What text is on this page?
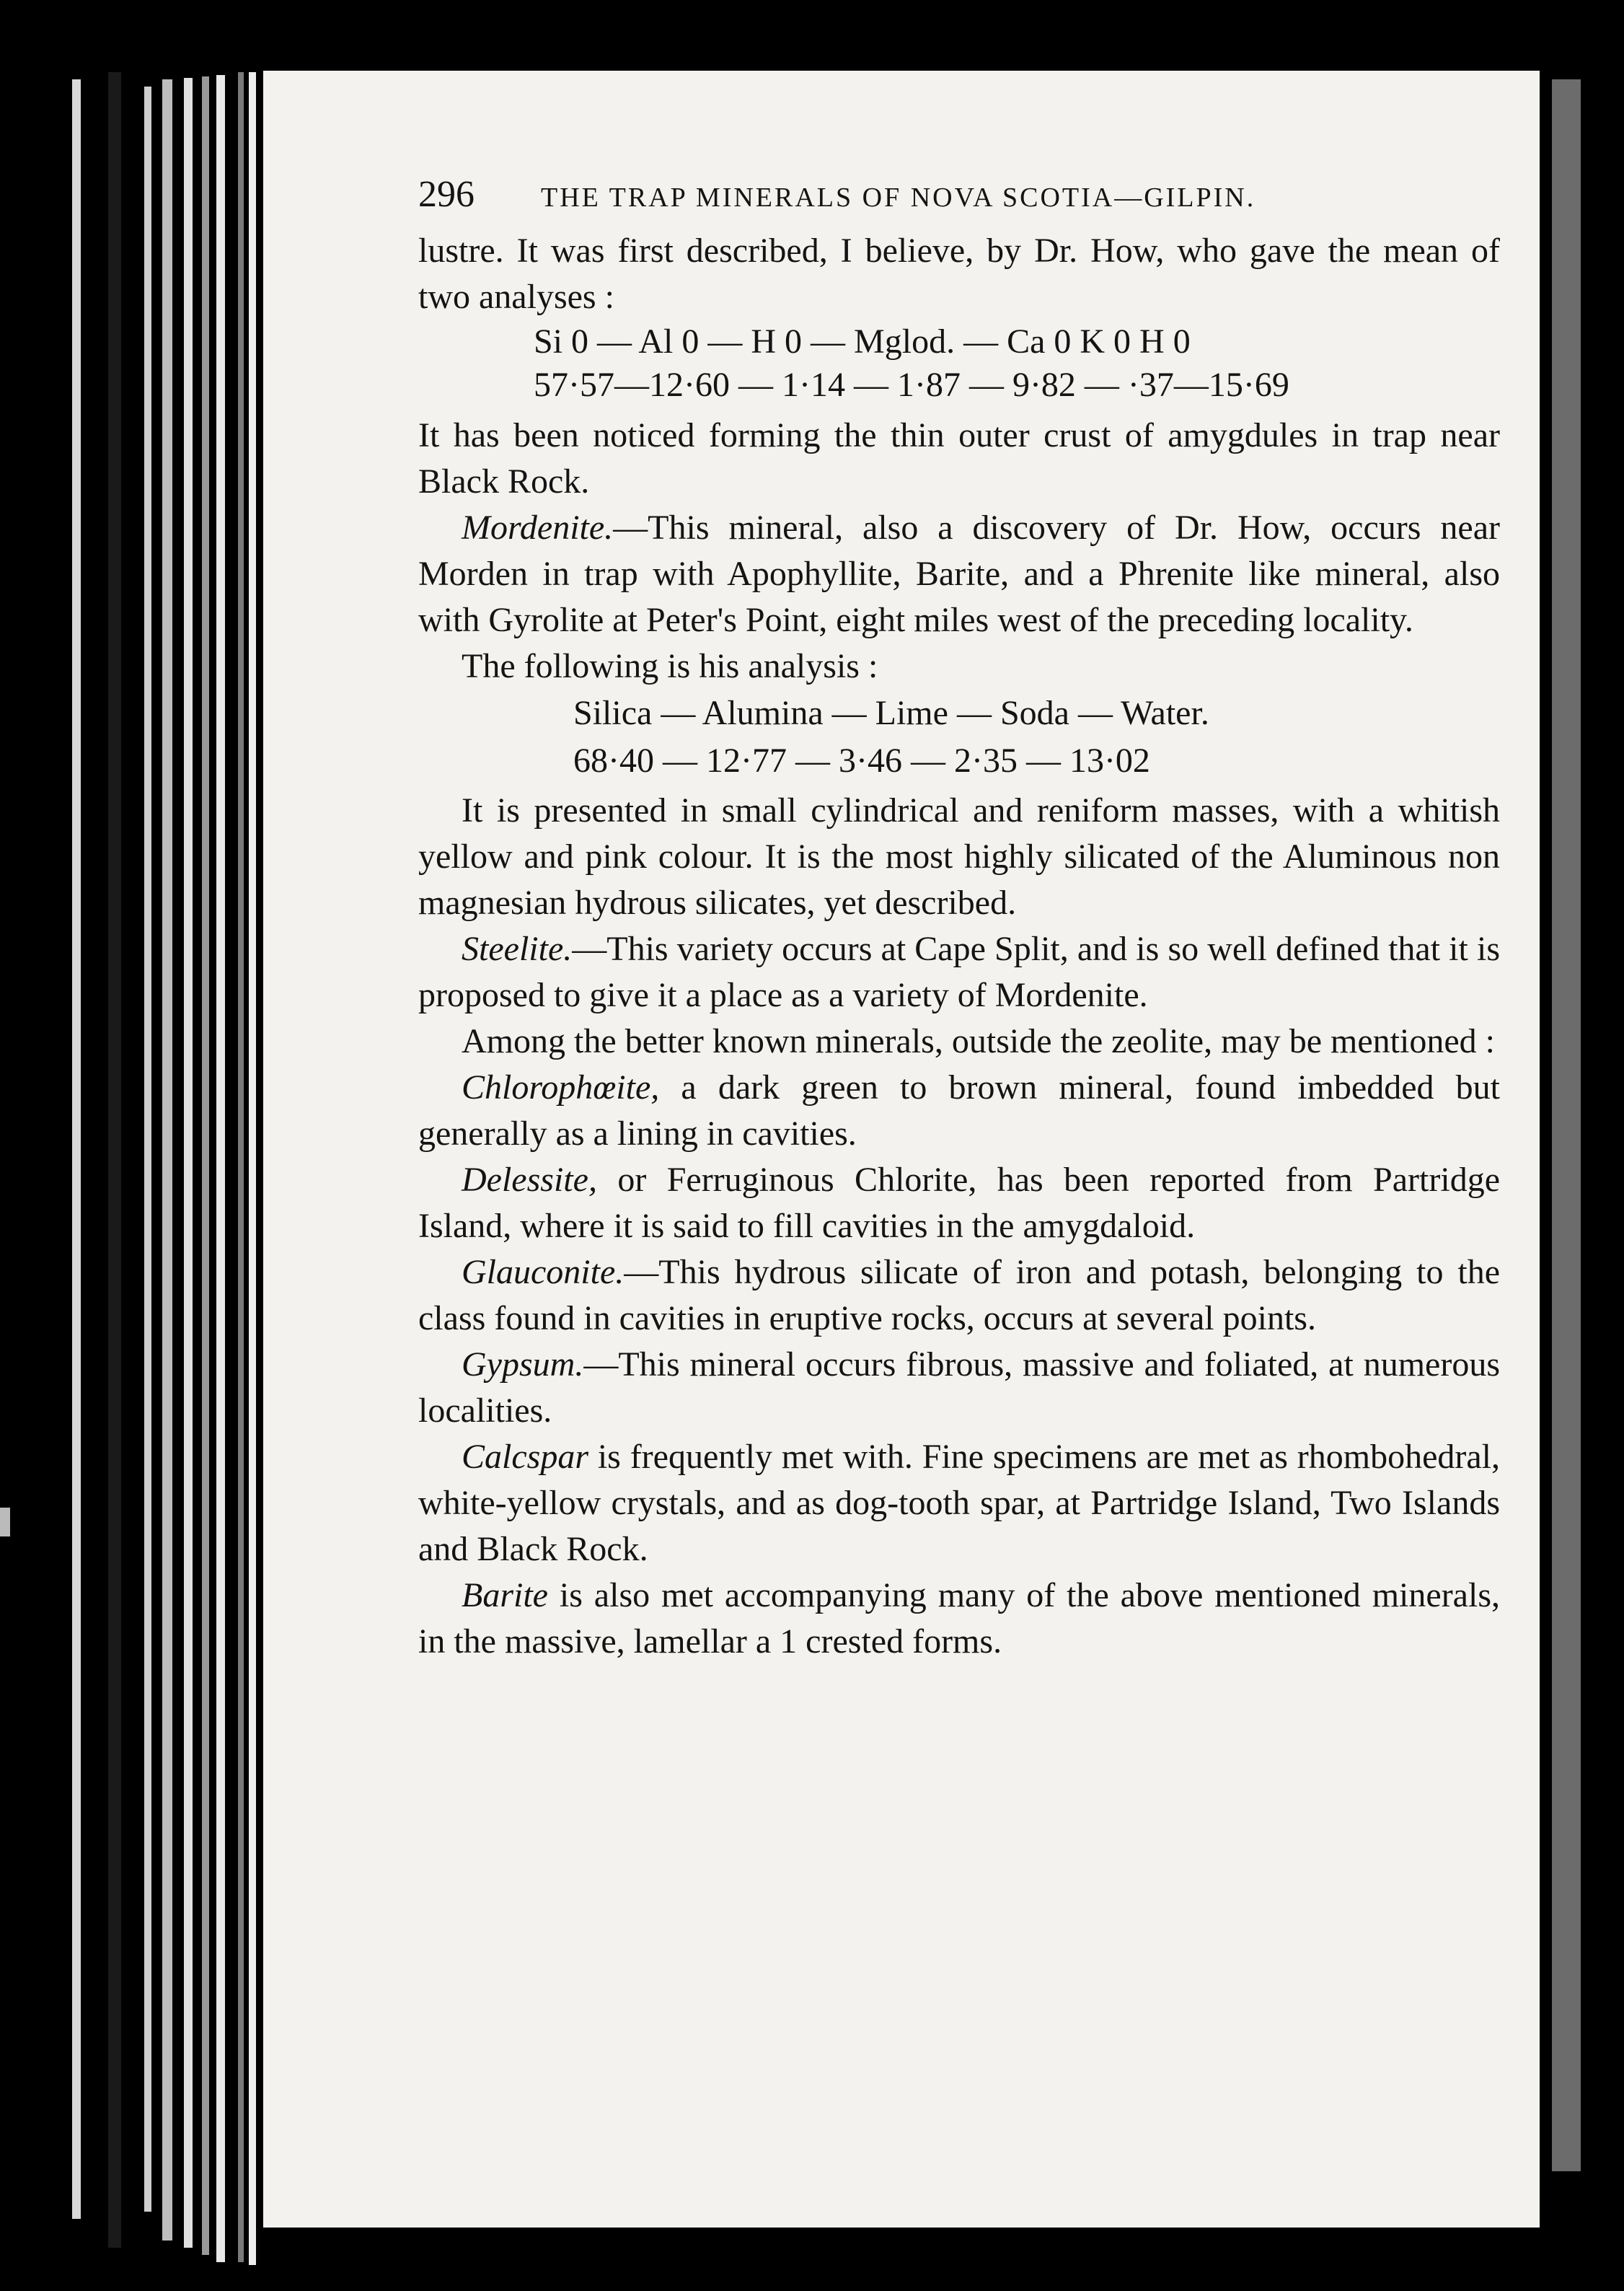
296 THE TRAP MINERALS OF NOVA SCOTIA—GILPIN.

lustre. It was first described, I believe, by Dr. How, who gave the mean of two analyses :

Si 0 — Al 0 — H 0 — Mglod. — Ca 0 K 0 H 0
57·57—12·60 — 1·14 — 1·87 — 9·82 — ·37—15·69

It has been noticed forming the thin outer crust of amygdules in trap near Black Rock.

Mordenite.—This mineral, also a discovery of Dr. How, occurs near Morden in trap with Apophyllite, Barite, and a Phrenite like mineral, also with Gyrolite at Peter's Point, eight miles west of the preceding locality.

The following is his analysis :

Silica — Alumina — Lime — Soda — Water.
68·40 — 12·77 — 3·46 — 2·35 — 13·02

It is presented in small cylindrical and reniform masses, with a whitish yellow and pink colour. It is the most highly silicated of the Aluminous non magnesian hydrous silicates, yet described.

Steelite.—This variety occurs at Cape Split, and is so well defined that it is proposed to give it a place as a variety of Mordenite.

Among the better known minerals, outside the zeolite, may be mentioned :

Chlorophœite, a dark green to brown mineral, found imbedded but generally as a lining in cavities.

Delessite, or Ferruginous Chlorite, has been reported from Partridge Island, where it is said to fill cavities in the amygdaloid.

Glauconite.—This hydrous silicate of iron and potash, belonging to the class found in cavities in eruptive rocks, occurs at several points.

Gypsum.—This mineral occurs fibrous, massive and foliated, at numerous localities.

Calcspar is frequently met with. Fine specimens are met as rhombohedral, white-yellow crystals, and as dog-tooth spar, at Partridge Island, Two Islands and Black Rock.

Barite is also met accompanying many of the above mentioned minerals, in the massive, lamellar a 1 crested forms.
